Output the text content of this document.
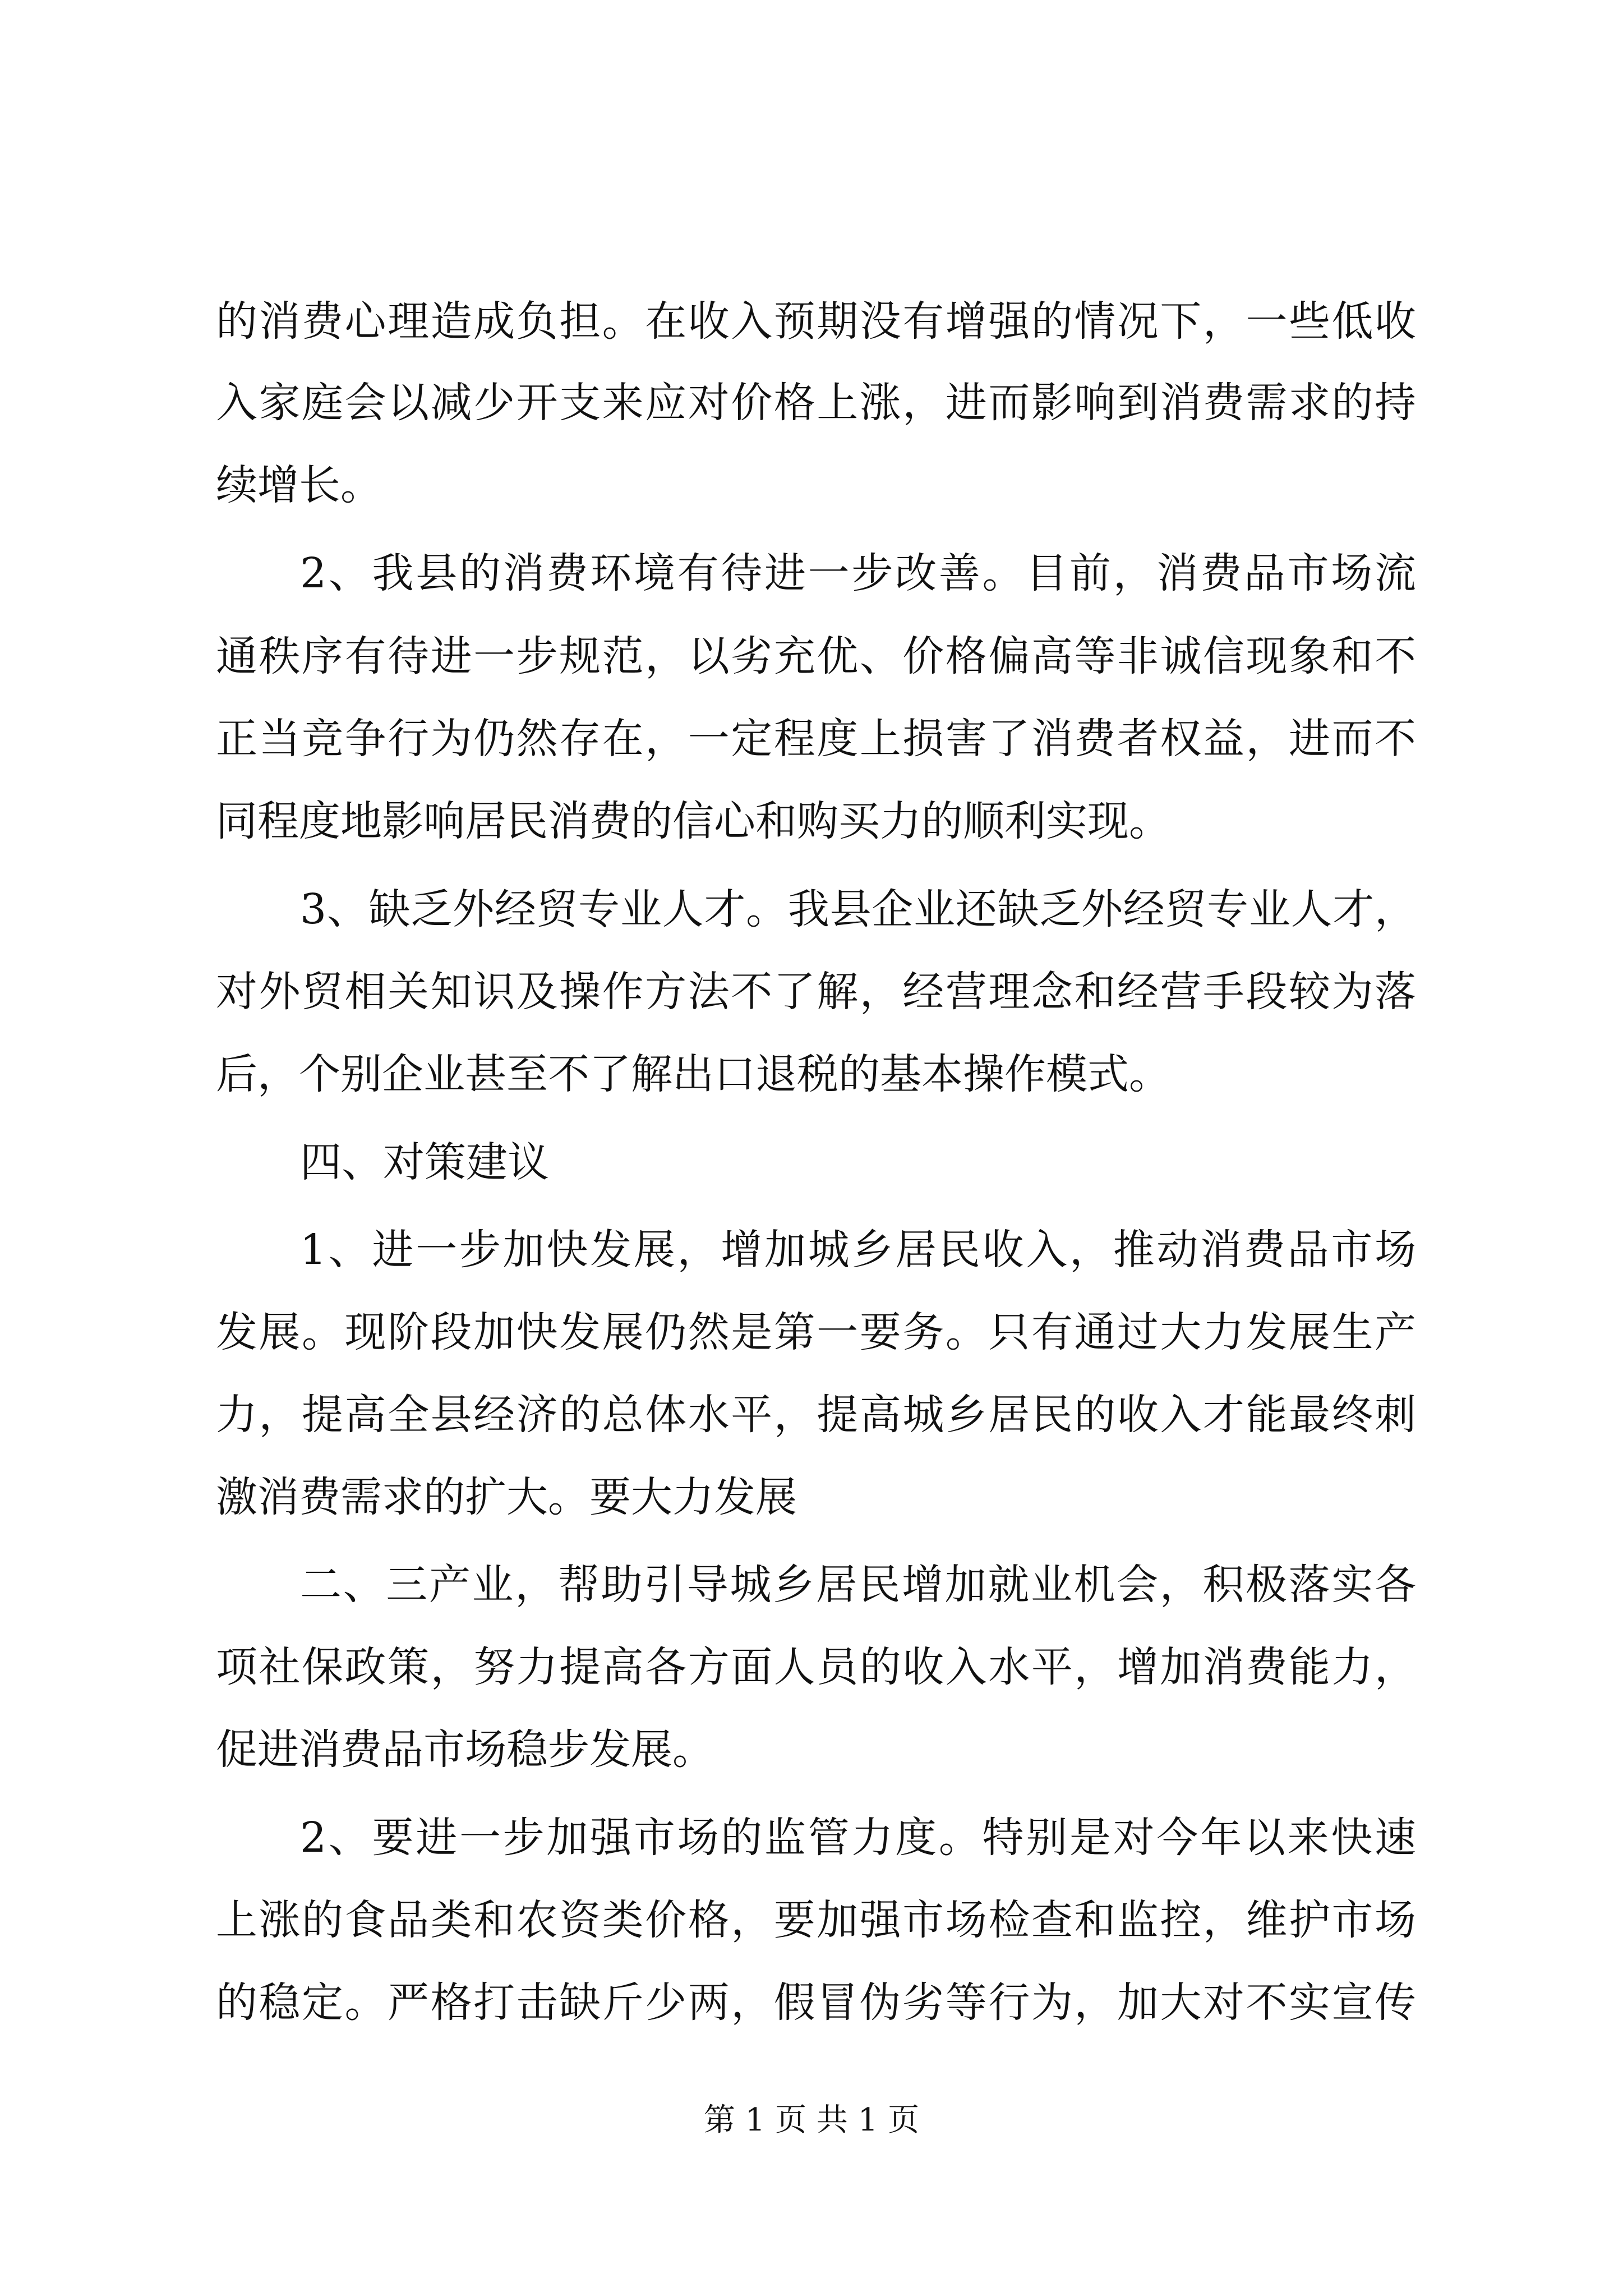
的消费心理造成负担。在收入预期没有增强的情况下，一些低收
入家庭会以减少开支来应对价格上涨，进而影响到消费需求的持
续增长。
2、我县的消费环境有待进一步改善。目前，消费品市场流
通秩序有待进一步规范，以劣充优、价格偏高等非诚信现象和不
正当竞争行为仍然存在，一定程度上损害了消费者权益，进而不
同程度地影响居民消费的信心和购买力的顺利实现。
3、缺乏外经贸专业人才。我县企业还缺乏外经贸专业人才，
对外贸相关知识及操作方法不了解，经营理念和经营手段较为落
后，个别企业甚至不了解出口退税的基本操作模式。
四、对策建议
1、进一步加快发展，增加城乡居民收入，推动消费品市场
发展。现阶段加快发展仍然是第一要务。只有通过大力发展生产
力，提高全县经济的总体水平，提高城乡居民的收入才能最终刺
激消费需求的扩大。要大力发展
二、三产业，帮助引导城乡居民增加就业机会，积极落实各
项社保政策，努力提高各方面人员的收入水平，增加消费能力，
促进消费品市场稳步发展。
2、要进一步加强市场的监管力度。特别是对今年以来快速
上涨的食品类和农资类价格，要加强市场检查和监控，维护市场
的稳定。严格打击缺斤少两，假冒伪劣等行为，加大对不实宣传
第 1 页 共 1 页
